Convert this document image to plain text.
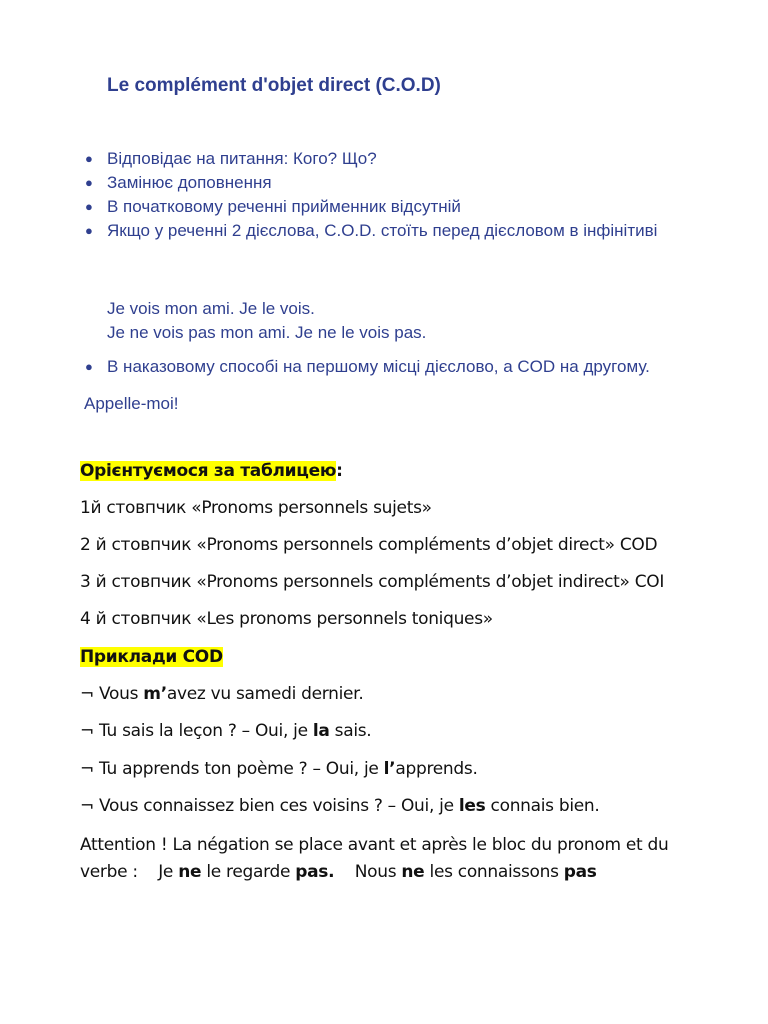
Le complément d'objet direct (C.O.D)
● Відповідає на питання: Кого? Що?
● Замінює доповнення
● В початковому реченні прийменник відсутній
● Якщо у реченні 2 дієслова, C.O.D. стоїть перед дієсловом в інфінітиві

Je vois mon ami. Je le vois.

Je ne vois pas mon ami. Je ne le vois pas.

● В наказовому способі на першому місці дієслово, а COD на другому.

Appelle-moi!

Орієнтуємося за таблицею:

1й стовпчик «Pronoms personnels sujets»

2 й стовпчик «Pronoms personnels compléments d’objet direct» COD

3 й стовпчик «Pronoms personnels compléments d’objet indirect» COI

4 й стовпчик «Les pronoms personnels toniques»

Приклади COD

¬ Vous m’avez vu samedi dernier.

¬ Tu sais la leçon ? – Oui, je la sais.

¬ Tu apprends ton poème ? – Oui, je l’apprends.

¬ Vous connaissez bien ces voisins ? – Oui, je les connais bien.

Attention ! La négation se place avant et après le bloc du pronom et du verbe :    Je ne le regarde pas.    Nous ne les connaissons pas
